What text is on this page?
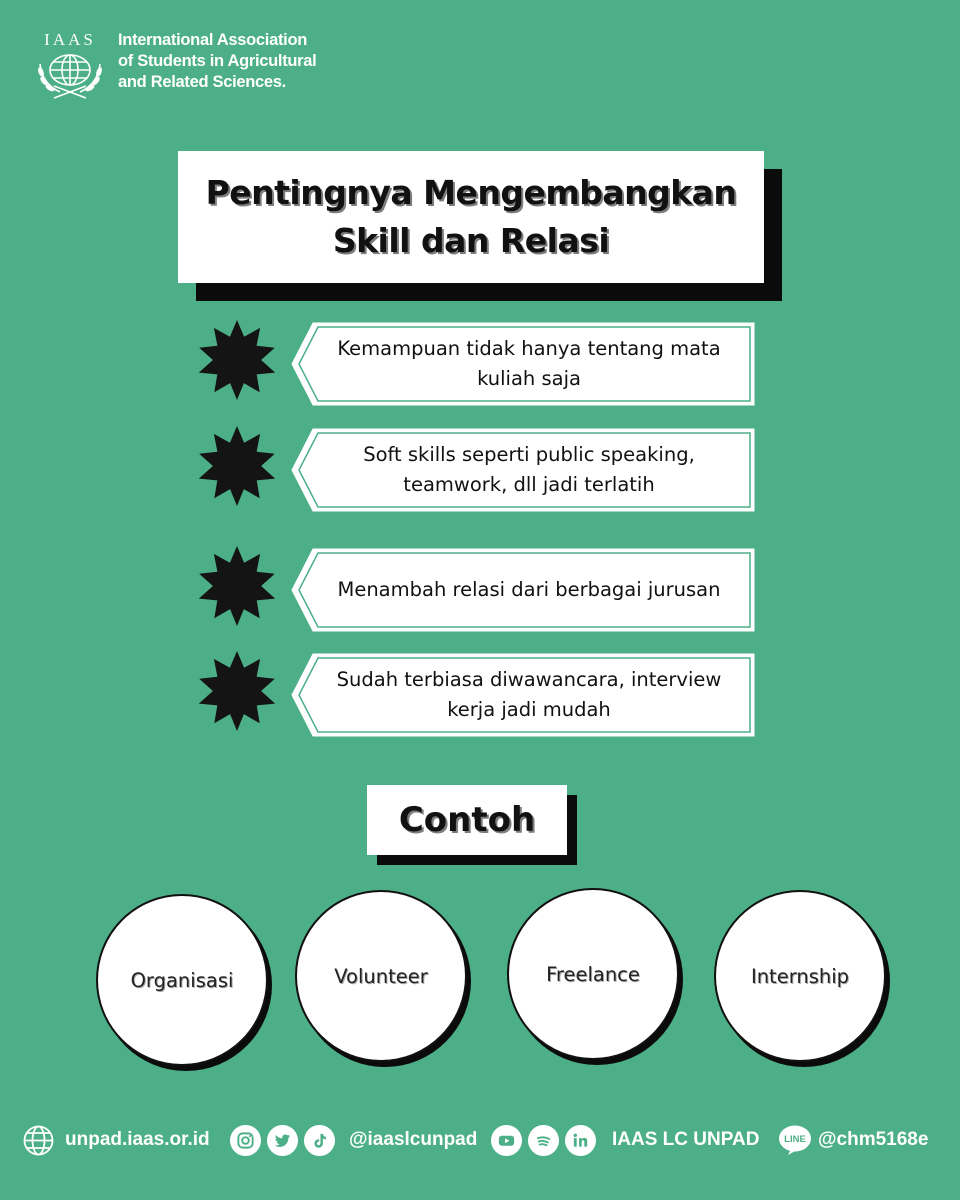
IAAS International Association
of Students in Agricultural
and Related Sciences.
Pentingnya Mengembangkan
Skill dan Relasi
Kemampuan tidak hanya tentang mata
kuliah saja
Soft skills seperti public speaking,
teamwork, dll jadi terlatih
Menambah relasi dari berbagai jurusan
Sudah terbiasa diwawancara, interview
kerja jadi mudah
Contoh
Organisasi	Volunteer	Freelance	Internship
unpad.iaas.or.id	@iaaslcunpad	IAAS LC UNPAD	LINE @chm5168e
